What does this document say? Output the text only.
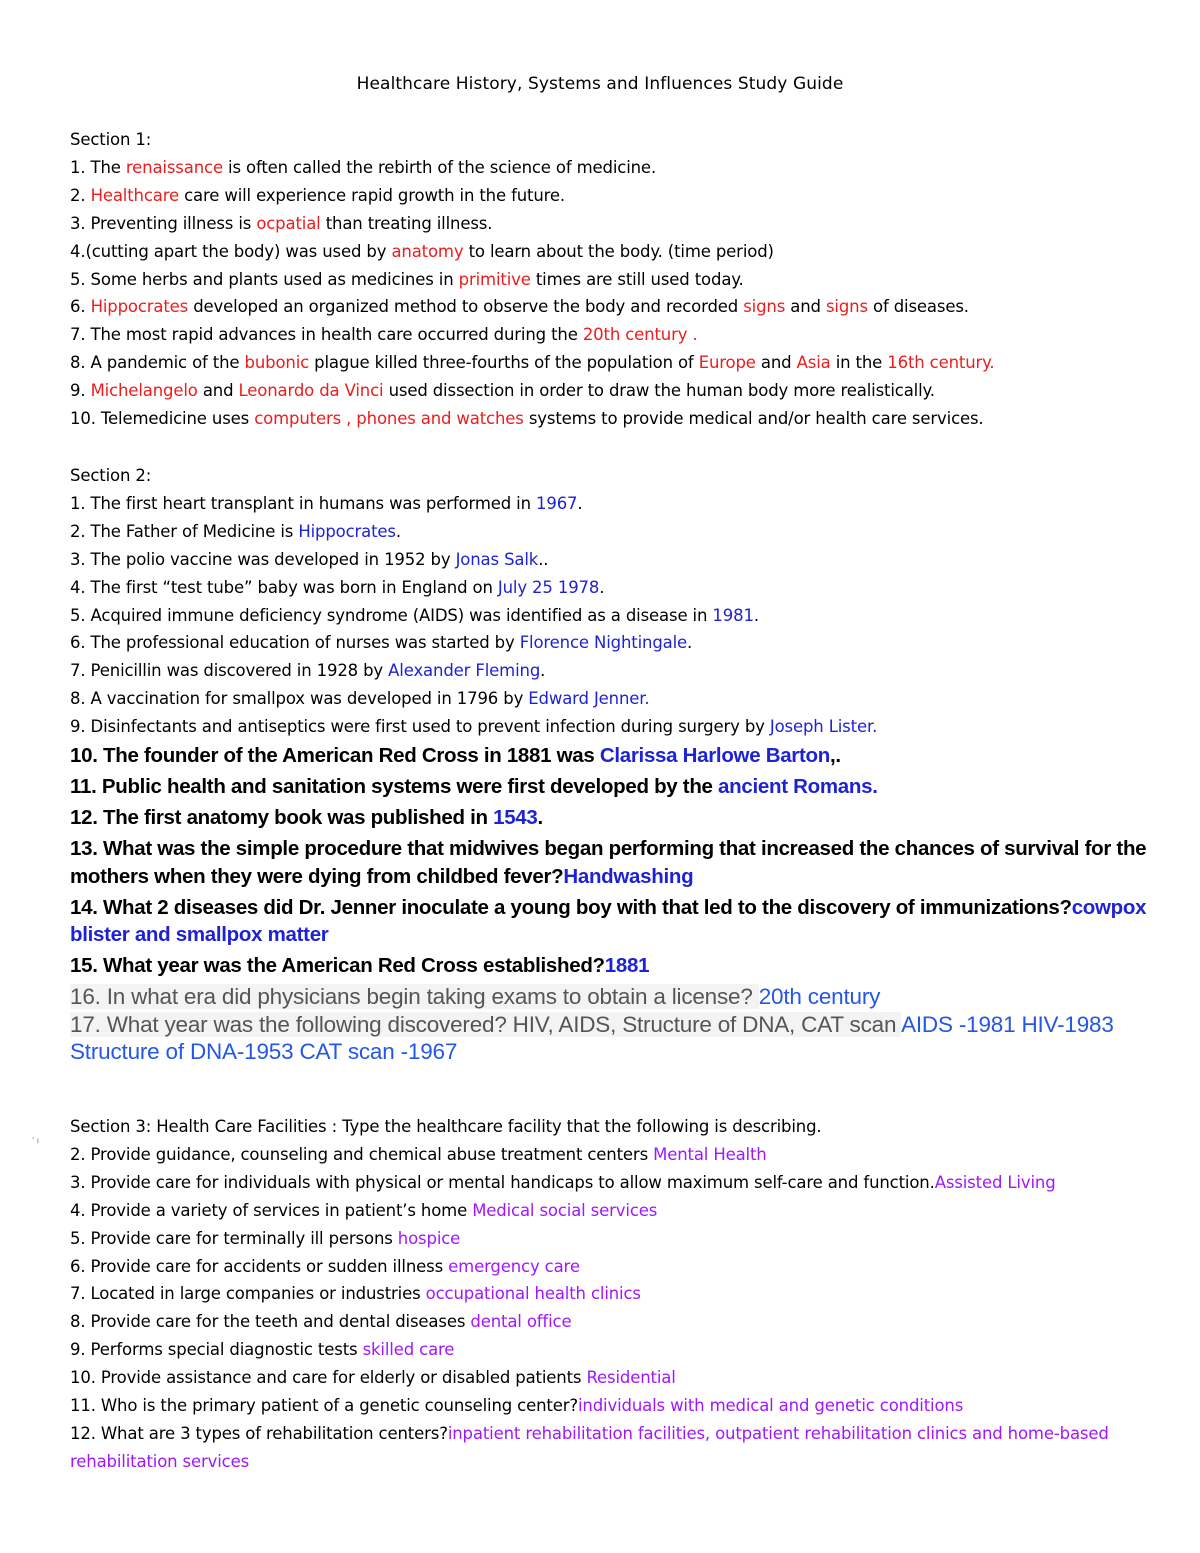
Healthcare History, Systems and Influences Study Guide
Section 1:
1. The renaissance is often called the rebirth of the science of medicine.
2. Healthcare care will experience rapid growth in the future.
3. Preventing illness is ocpatial than treating illness.
4.(cutting apart the body) was used by anatomy to learn about the body. (time period)
5. Some herbs and plants used as medicines in primitive times are still used today.
6. Hippocrates developed an organized method to observe the body and recorded signs and signs of diseases.
7. The most rapid advances in health care occurred during the 20th century .
8. A pandemic of the bubonic plague killed three-fourths of the population of Europe and Asia in the 16th century.
9. Michelangelo and Leonardo da Vinci used dissection in order to draw the human body more realistically.
10. Telemedicine uses computers , phones and watches systems to provide medical and/or health care services.
Section 2:
1. The first heart transplant in humans was performed in 1967.
2. The Father of Medicine is Hippocrates.
3. The polio vaccine was developed in 1952 by Jonas Salk..
4. The first “test tube” baby was born in England on July 25 1978.
5. Acquired immune deficiency syndrome (AIDS) was identified as a disease in 1981.
6. The professional education of nurses was started by Florence Nightingale.
7. Penicillin was discovered in 1928 by Alexander Fleming.
8. A vaccination for smallpox was developed in 1796 by Edward Jenner.
9. Disinfectants and antiseptics were first used to prevent infection during surgery by Joseph Lister.
10. The founder of the American Red Cross in 1881 was Clarissa Harlowe Barton,.
11. Public health and sanitation systems were first developed by the ancient Romans.
12. The first anatomy book was published in 1543.
13. What was the simple procedure that midwives began performing that increased the chances of survival for the mothers when they were dying from childbed fever?Handwashing
14. What 2 diseases did Dr. Jenner inoculate a young boy with that led to the discovery of immunizations?cowpox blister and smallpox matter
15. What year was the American Red Cross established?1881
16. In what era did physicians begin taking exams to obtain a license? 20th century
17. What year was the following discovered? HIV, AIDS, Structure of DNA, CAT scan AIDS -1981 HIV-1983 Structure of DNA-1953 CAT scan -1967
' ı
Section 3: Health Care Facilities : Type the healthcare facility that the following is describing.
2. Provide guidance, counseling and chemical abuse treatment centers Mental Health
3. Provide care for individuals with physical or mental handicaps to allow maximum self-care and function.Assisted Living
4. Provide a variety of services in patient’s home Medical social services
5. Provide care for terminally ill persons hospice
6. Provide care for accidents or sudden illness emergency care
7. Located in large companies or industries occupational health clinics
8. Provide care for the teeth and dental diseases dental office
9. Performs special diagnostic tests skilled care
10. Provide assistance and care for elderly or disabled patients Residential
11. Who is the primary patient of a genetic counseling center?individuals with medical and genetic conditions
12. What are 3 types of rehabilitation centers?inpatient rehabilitation facilities, outpatient rehabilitation clinics and home-based rehabilitation services
